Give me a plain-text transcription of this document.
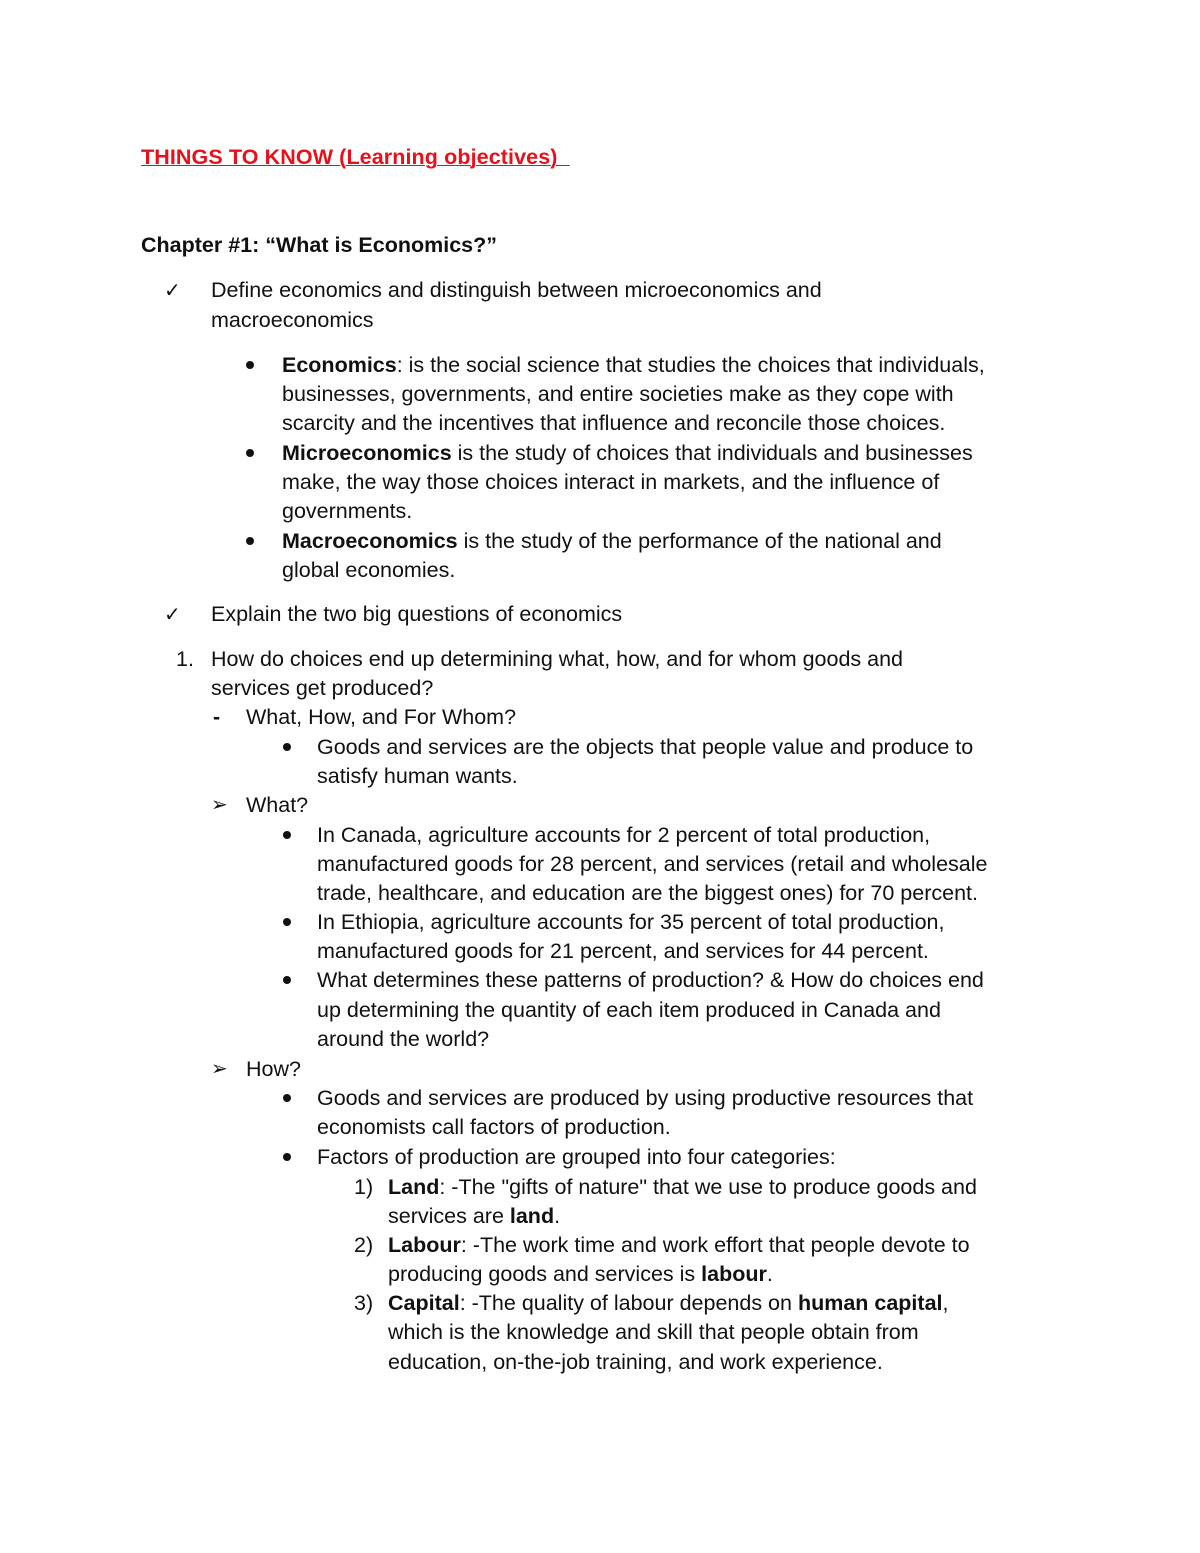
THINGS TO KNOW (Learning objectives)
Chapter #1: “What is Economics?”
✓ Define economics and distinguish between microeconomics and
macroeconomics
Economics: is the social science that studies the choices that individuals,
businesses, governments, and entire societies make as they cope with
scarcity and the incentives that influence and reconcile those choices.
Microeconomics is the study of choices that individuals and businesses
make, the way those choices interact in markets, and the influence of
governments.
Macroeconomics is the study of the performance of the national and
global economies.
✓ Explain the two big questions of economics
1. How do choices end up determining what, how, and for whom goods and
services get produced?
- What, How, and For Whom?
Goods and services are the objects that people value and produce to
satisfy human wants.
➢ What?
In Canada, agriculture accounts for 2 percent of total production,
manufactured goods for 28 percent, and services (retail and wholesale
trade, healthcare, and education are the biggest ones) for 70 percent.
In Ethiopia, agriculture accounts for 35 percent of total production,
manufactured goods for 21 percent, and services for 44 percent.
What determines these patterns of production? & How do choices end
up determining the quantity of each item produced in Canada and
around the world?
➢ How?
Goods and services are produced by using productive resources that
economists call factors of production.
Factors of production are grouped into four categories:
1) Land: -The "gifts of nature" that we use to produce goods and
services are land.
2) Labour: -The work time and work effort that people devote to
producing goods and services is labour.
3) Capital: -The quality of labour depends on human capital,
which is the knowledge and skill that people obtain from
education, on-the-job training, and work experience.
